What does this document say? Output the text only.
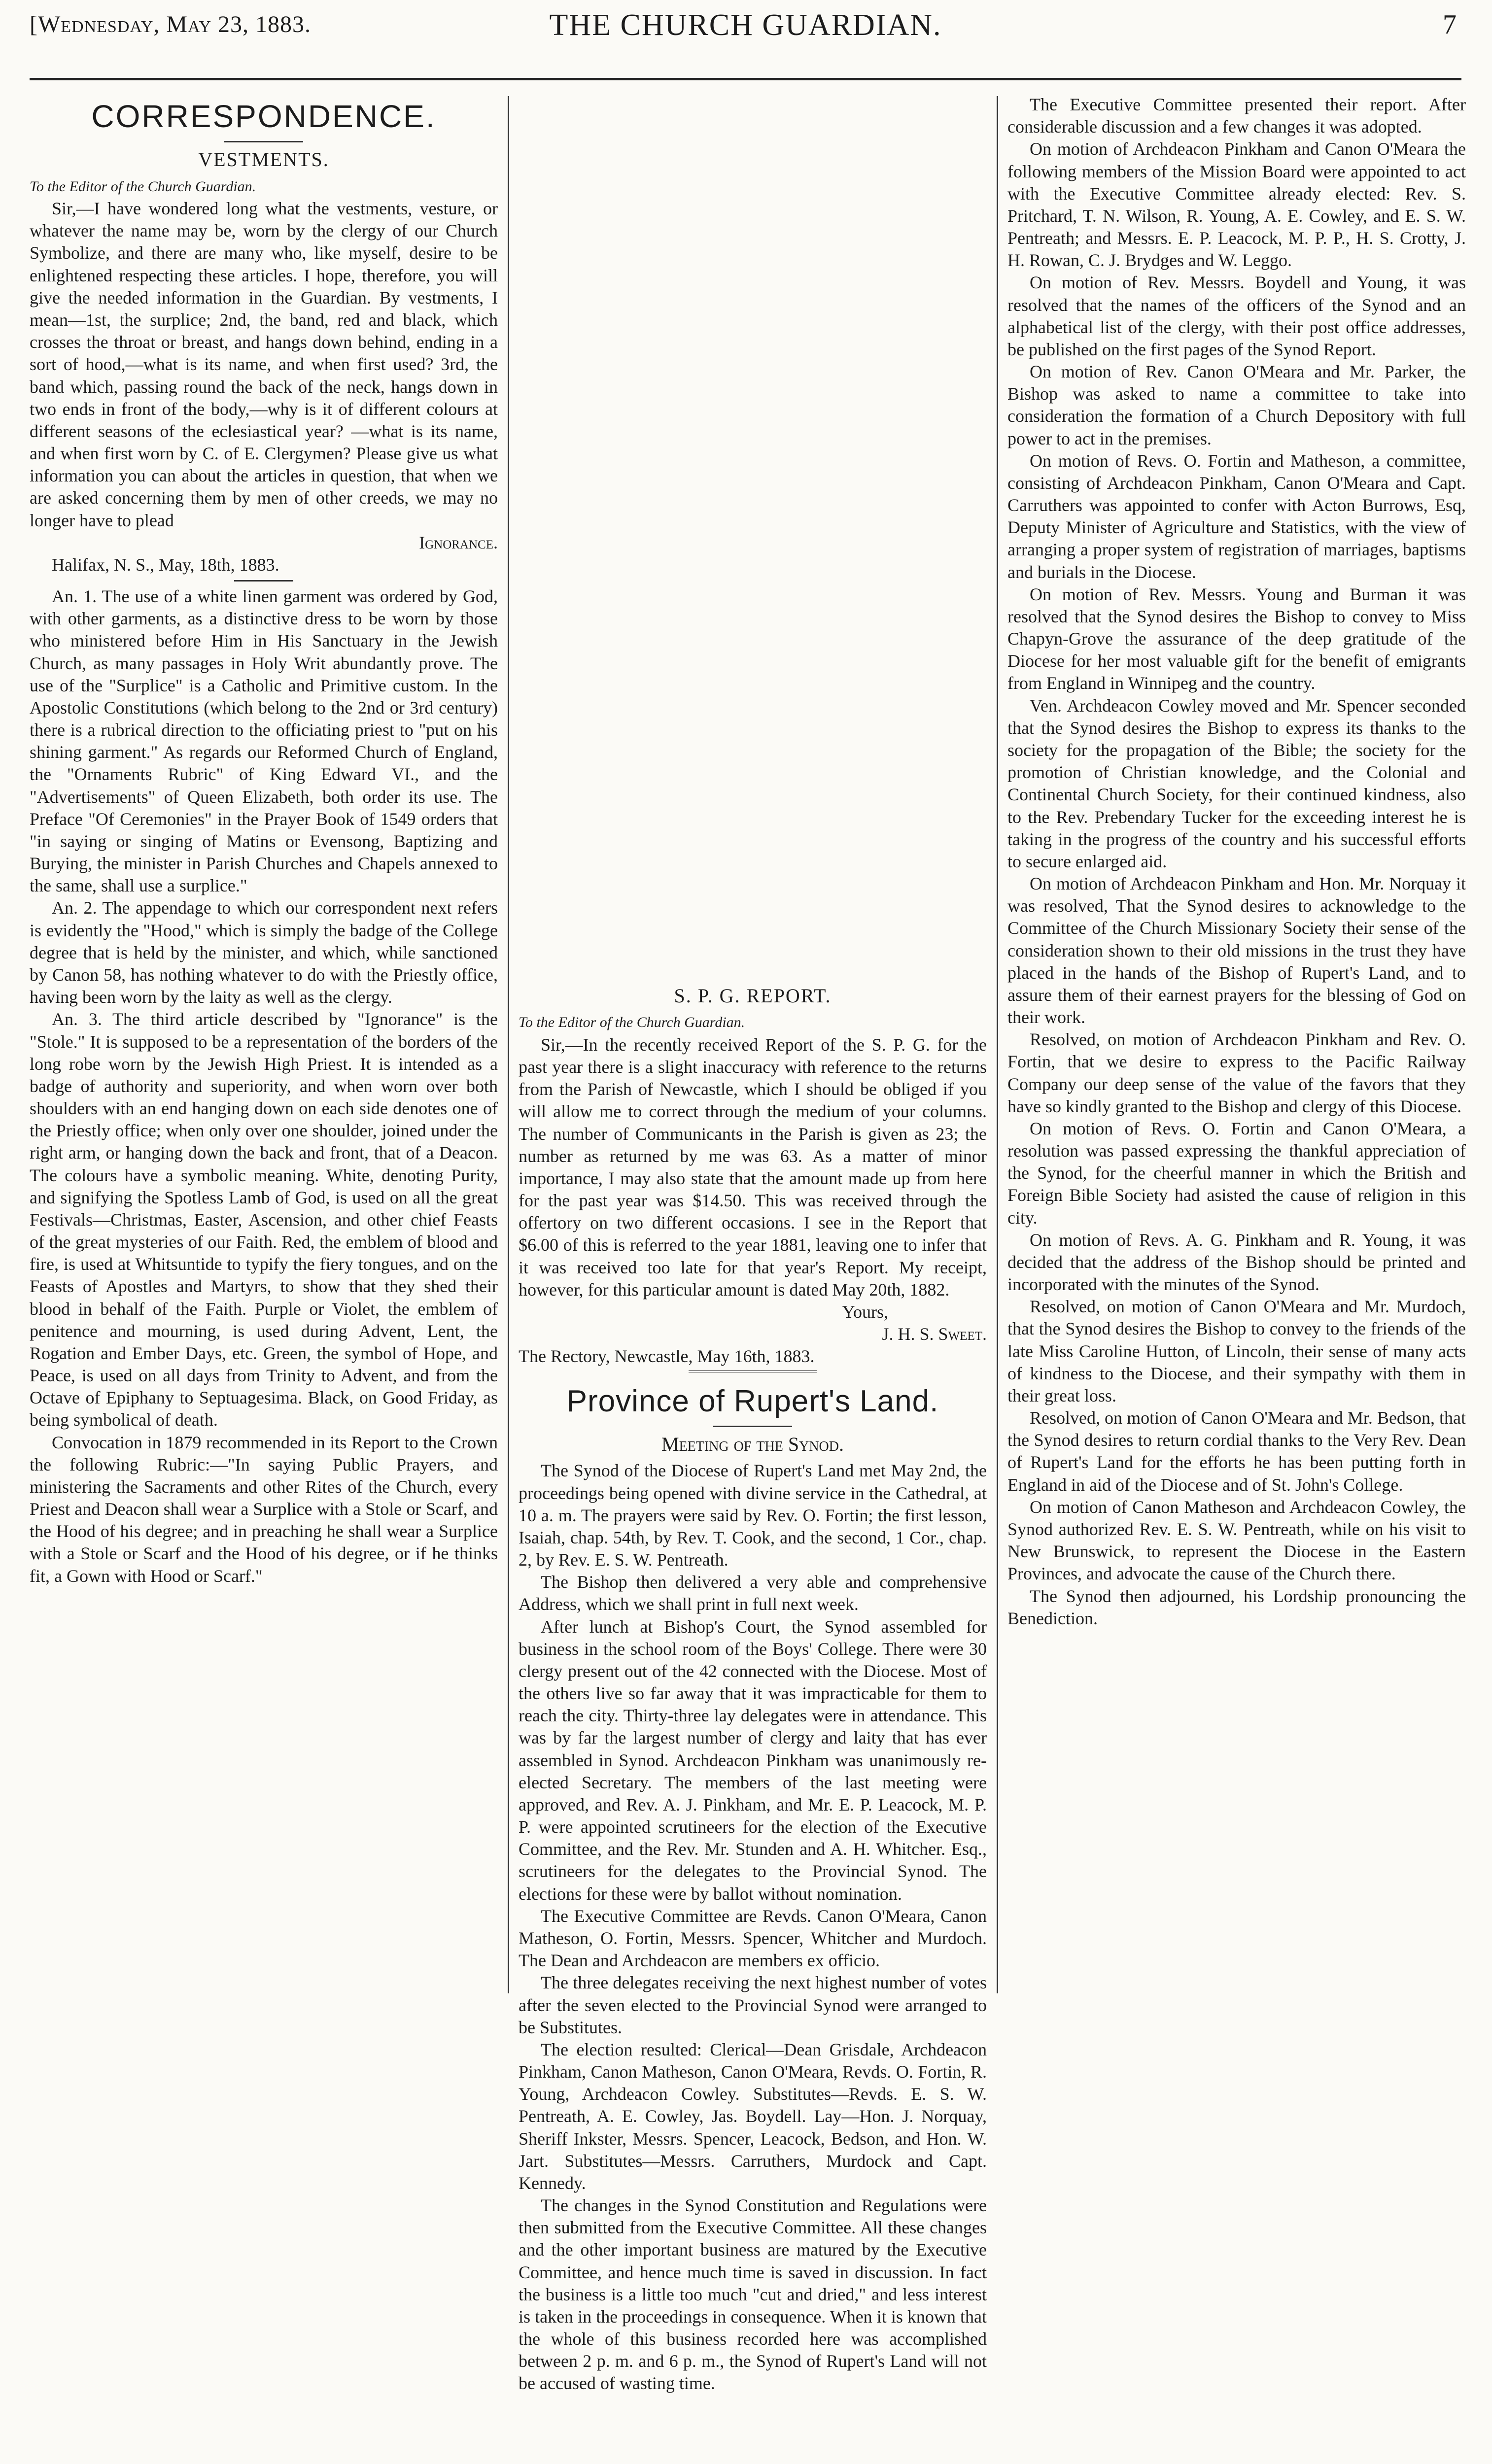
[Wednesday, May 23, 1883.	THE CHURCH GUARDIAN.	7
CORRESPONDENCE.
VESTMENTS.

To the Editor of the Church Guardian.

Sir,—I have wondered long what the vestments, vesture, or whatever the name may be, worn by the clergy of our Church Symbolize, and there are many who, like myself, desire to be enlightened respecting these articles. I hope, therefore, you will give the needed information in the Guardian. By vestments, I mean—1st, the surplice; 2nd, the band, red and black, which crosses the throat or breast, and hangs down behind, ending in a sort of hood,—what is its name, and when first used? 3rd, the band which, passing round the back of the neck, hangs down in two ends in front of the body,—why is it of different colours at different seasons of the eclesiastical year? —what is its name, and when first worn by C. of E. Clergymen? Please give us what information you can about the articles in question, that when we are asked concerning them by men of other creeds, we may no longer have to plead

Ignorance.

Halifax, N. S., May, 18th, 1883.

An. 1. The use of a white linen garment was ordered by God, with other garments, as a distinctive dress to be worn by those who ministered before Him in His Sanctuary in the Jewish Church, as many passages in Holy Writ abundantly prove. The use of the "Surplice" is a Catholic and Primitive custom. In the Apostolic Constitutions (which belong to the 2nd or 3rd century) there is a rubrical direction to the officiating priest to "put on his shining garment." As regards our Reformed Church of England, the "Ornaments Rubric" of King Edward VI., and the "Advertisements" of Queen Elizabeth, both order its use. The Preface "Of Ceremonies" in the Prayer Book of 1549 orders that "in saying or singing of Matins or Evensong, Baptizing and Burying, the minister in Parish Churches and Chapels annexed to the same, shall use a surplice."

An. 2. The appendage to which our correspondent next refers is evidently the "Hood," which is simply the badge of the College degree that is held by the minister, and which, while sanctioned by Canon 58, has nothing whatever to do with the Priestly office, having been worn by the laity as well as the clergy.

An. 3. The third article described by "Ignorance" is the "Stole." It is supposed to be a representation of the borders of the long robe worn by the Jewish High Priest. It is intended as a badge of authority and superiority, and when worn over both shoulders with an end hanging down on each side denotes one of the Priestly office; when only over one shoulder, joined under the right arm, or hanging down the back and front, that of a Deacon. The colours have a symbolic meaning. White, denoting Purity, and signifying the Spotless Lamb of God, is used on all the great Festivals—Christmas, Easter, Ascension, and other chief Feasts of the great mysteries of our Faith. Red, the emblem of blood and fire, is used at Whitsuntide to typify the fiery tongues, and on the Feasts of Apostles and Martyrs, to show that they shed their blood in behalf of the Faith. Purple or Violet, the emblem of penitence and mourning, is used during Advent, Lent, the Rogation and Ember Days, etc. Green, the symbol of Hope, and Peace, is used on all days from Trinity to Advent, and from the Octave of Epiphany to Septuagesima. Black, on Good Friday, as being symbolical of death.

Convocation in 1879 recommended in its Report to the Crown the following Rubric:—"In saying Public Prayers, and ministering the Sacraments and other Rites of the Church, every Priest and Deacon shall wear a Surplice with a Stole or Scarf, and the Hood of his degree; and in preaching he shall wear a Surplice with a Stole or Scarf and the Hood of his degree, or if he thinks fit, a Gown with Hood or Scarf."

S. P. G. REPORT.

To the Editor of the Church Guardian.

Sir,—In the recently received Report of the S. P. G. for the past year there is a slight inaccuracy with reference to the returns from the Parish of Newcastle, which I should be obliged if you will allow me to correct through the medium of your columns. The number of Communicants in the Parish is given as 23; the number as returned by me was 63. As a matter of minor importance, I may also state that the amount made up from here for the past year was $14.50. This was received through the offertory on two different occasions. I see in the Report that $6.00 of this is referred to the year 1881, leaving one to infer that it was received too late for that year's Report. My receipt, however, for this particular amount is dated May 20th, 1882.

Yours,

J. H. S. Sweet.

The Rectory, Newcastle, May 16th, 1883.

Province of Rupert's Land.
Meeting of the Synod.

The Synod of the Diocese of Rupert's Land met May 2nd, the proceedings being opened with divine service in the Cathedral, at 10 a. m. The prayers were said by Rev. O. Fortin; the first lesson, Isaiah, chap. 54th, by Rev. T. Cook, and the second, 1 Cor., chap. 2, by Rev. E. S. W. Pentreath.

The Bishop then delivered a very able and comprehensive Address, which we shall print in full next week.

After lunch at Bishop's Court, the Synod assembled for business in the school room of the Boys' College. There were 30 clergy present out of the 42 connected with the Diocese. Most of the others live so far away that it was impracticable for them to reach the city. Thirty-three lay delegates were in attendance. This was by far the largest number of clergy and laity that has ever assembled in Synod. Archdeacon Pinkham was unanimously re-elected Secretary. The members of the last meeting were approved, and Rev. A. J. Pinkham, and Mr. E. P. Leacock, M. P. P. were appointed scrutineers for the election of the Executive Committee, and the Rev. Mr. Stunden and A. H. Whitcher. Esq., scrutineers for the delegates to the Provincial Synod. The elections for these were by ballot without nomination.

The Executive Committee are Revds. Canon O'Meara, Canon Matheson, O. Fortin, Messrs. Spencer, Whitcher and Murdoch. The Dean and Archdeacon are members ex officio.

The three delegates receiving the next highest number of votes after the seven elected to the Provincial Synod were arranged to be Substitutes.

The election resulted: Clerical—Dean Grisdale, Archdeacon Pinkham, Canon Matheson, Canon O'Meara, Revds. O. Fortin, R. Young, Archdeacon Cowley. Substitutes—Revds. E. S. W. Pentreath, A. E. Cowley, Jas. Boydell. Lay—Hon. J. Norquay, Sheriff Inkster, Messrs. Spencer, Leacock, Bedson, and Hon. W. Jart. Substitutes—Messrs. Carruthers, Murdock and Capt. Kennedy.

The changes in the Synod Constitution and Regulations were then submitted from the Executive Committee. All these changes and the other important business are matured by the Executive Committee, and hence much time is saved in discussion. In fact the business is a little too much "cut and dried," and less interest is taken in the proceedings in consequence. When it is known that the whole of this business recorded here was accomplished between 2 p. m. and 6 p. m., the Synod of Rupert's Land will not be accused of wasting time.

The Executive Committee presented their report. After considerable discussion and a few changes it was adopted.

On motion of Archdeacon Pinkham and Canon O'Meara the following members of the Mission Board were appointed to act with the Executive Committee already elected: Rev. S. Pritchard, T. N. Wilson, R. Young, A. E. Cowley, and E. S. W. Pentreath; and Messrs. E. P. Leacock, M. P. P., H. S. Crotty, J. H. Rowan, C. J. Brydges and W. Leggo.

On motion of Rev. Messrs. Boydell and Young, it was resolved that the names of the officers of the Synod and an alphabetical list of the clergy, with their post office addresses, be published on the first pages of the Synod Report.

On motion of Rev. Canon O'Meara and Mr. Parker, the Bishop was asked to name a committee to take into consideration the formation of a Church Depository with full power to act in the premises.

On motion of Revs. O. Fortin and Matheson, a committee, consisting of Archdeacon Pinkham, Canon O'Meara and Capt. Carruthers was appointed to confer with Acton Burrows, Esq, Deputy Minister of Agriculture and Statistics, with the view of arranging a proper system of registration of marriages, baptisms and burials in the Diocese.

On motion of Rev. Messrs. Young and Burman it was resolved that the Synod desires the Bishop to convey to Miss Chapyn-Grove the assurance of the deep gratitude of the Diocese for her most valuable gift for the benefit of emigrants from England in Winnipeg and the country.

Ven. Archdeacon Cowley moved and Mr. Spencer seconded that the Synod desires the Bishop to express its thanks to the society for the propagation of the Bible; the society for the promotion of Christian knowledge, and the Colonial and Continental Church Society, for their continued kindness, also to the Rev. Prebendary Tucker for the exceeding interest he is taking in the progress of the country and his successful efforts to secure enlarged aid.

On motion of Archdeacon Pinkham and Hon. Mr. Norquay it was resolved, That the Synod desires to acknowledge to the Committee of the Church Missionary Society their sense of the consideration shown to their old missions in the trust they have placed in the hands of the Bishop of Rupert's Land, and to assure them of their earnest prayers for the blessing of God on their work.

Resolved, on motion of Archdeacon Pinkham and Rev. O. Fortin, that we desire to express to the Pacific Railway Company our deep sense of the value of the favors that they have so kindly granted to the Bishop and clergy of this Diocese.

On motion of Revs. O. Fortin and Canon O'Meara, a resolution was passed expressing the thankful appreciation of the Synod, for the cheerful manner in which the British and Foreign Bible Society had asisted the cause of religion in this city.

On motion of Revs. A. G. Pinkham and R. Young, it was decided that the address of the Bishop should be printed and incorporated with the minutes of the Synod.

Resolved, on motion of Canon O'Meara and Mr. Murdoch, that the Synod desires the Bishop to convey to the friends of the late Miss Caroline Hutton, of Lincoln, their sense of many acts of kindness to the Diocese, and their sympathy with them in their great loss.

Resolved, on motion of Canon O'Meara and Mr. Bedson, that the Synod desires to return cordial thanks to the Very Rev. Dean of Rupert's Land for the efforts he has been putting forth in England in aid of the Diocese and of St. John's College.

On motion of Canon Matheson and Archdeacon Cowley, the Synod authorized Rev. E. S. W. Pentreath, while on his visit to New Brunswick, to represent the Diocese in the Eastern Provinces, and advocate the cause of the Church there.

The Synod then adjourned, his Lordship pronouncing the Benediction.
